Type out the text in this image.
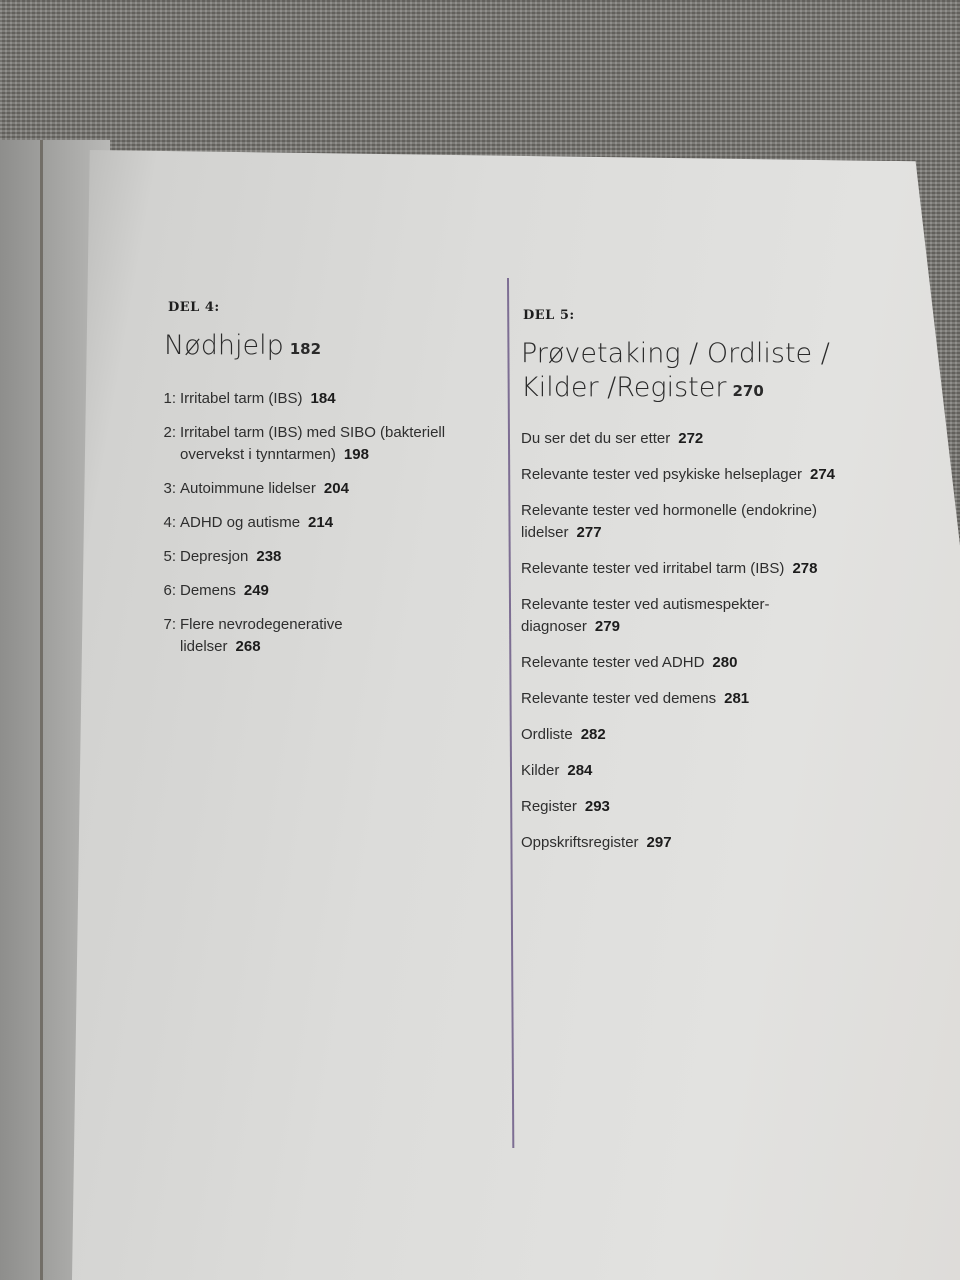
DEL 4:
Nødhjelp 182
1: Irritabel tarm (IBS) 184
2: Irritabel tarm (IBS) med SIBO (bakteriell overvekst i tynntarmen) 198
3: Autoimmune lidelser 204
4: ADHD og autisme 214
5: Depresjon 238
6: Demens 249
7: Flere nevrodegenerative lidelser 268
DEL 5:
Prøvetaking / Ordliste / Kilder /Register 270
Du ser det du ser etter 272
Relevante tester ved psykiske helseplager 274
Relevante tester ved hormonelle (endokrine) lidelser 277
Relevante tester ved irritabel tarm (IBS) 278
Relevante tester ved autismespekter-diagnoser 279
Relevante tester ved ADHD 280
Relevante tester ved demens 281
Ordliste 282
Kilder 284
Register 293
Oppskriftsregister 297
